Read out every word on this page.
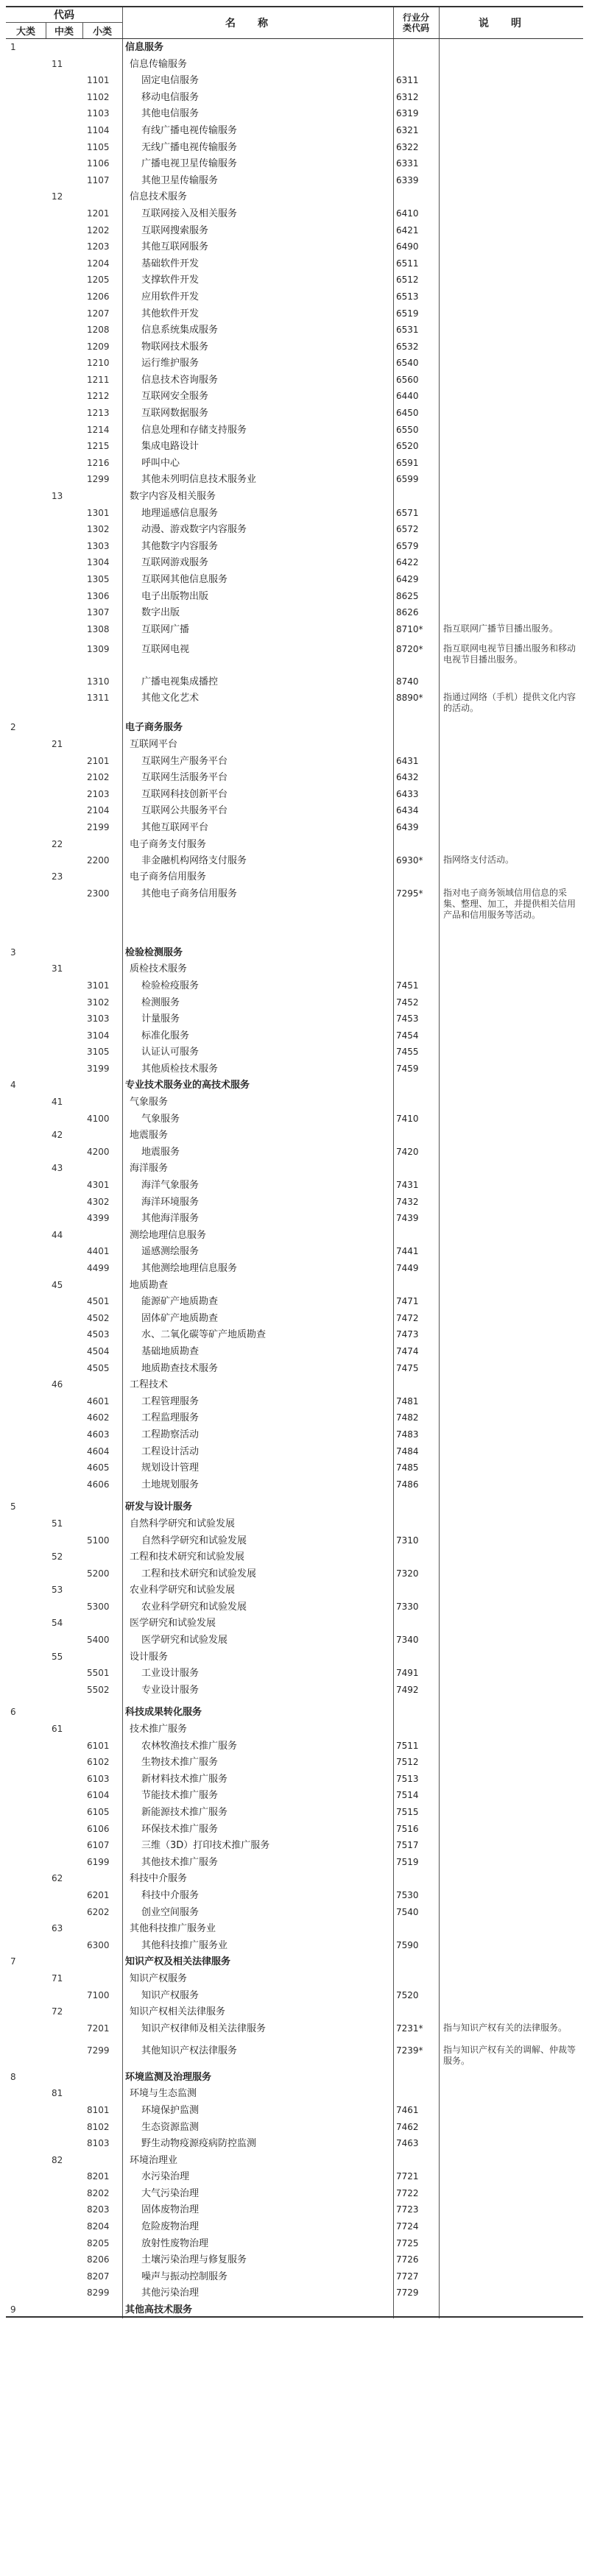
代码
大类	中类	小类
名称	行业分类代码	说明
1	信息服务
11	信息传输服务
1101	固定电信服务	6311
1102	移动电信服务	6312
1103	其他电信服务	6319
1104	有线广播电视传输服务	6321
1105	无线广播电视传输服务	6322
1106	广播电视卫星传输服务	6331
1107	其他卫星传输服务	6339
12	信息技术服务
1201	互联网接入及相关服务	6410
1202	互联网搜索服务	6421
1203	其他互联网服务	6490
1204	基础软件开发	6511
1205	支撑软件开发	6512
1206	应用软件开发	6513
1207	其他软件开发	6519
1208	信息系统集成服务	6531
1209	物联网技术服务	6532
1210	运行维护服务	6540
1211	信息技术咨询服务	6560
1212	互联网安全服务	6440
1213	互联网数据服务	6450
1214	信息处理和存储支持服务	6550
1215	集成电路设计	6520
1216	呼叫中心	6591
1299	其他未列明信息技术服务业	6599
13	数字内容及相关服务
1301	地理遥感信息服务	6571
1302	动漫、游戏数字内容服务	6572
1303	其他数字内容服务	6579
1304	互联网游戏服务	6422
1305	互联网其他信息服务	6429
1306	电子出版物出版	8625
1307	数字出版	8626
1308	互联网广播	8710* 指互联网广播节目播出服务。
1309	互联网电视	8720* 指互联网电视节目播出服务和移动电视节目播出服务。
1310	广播电视集成播控	8740
1311	其他文化艺术	8890* 指通过网络（手机）提供文化内容的活动。
2	电子商务服务
21	互联网平台
2101	互联网生产服务平台	6431
2102	互联网生活服务平台	6432
2103	互联网科技创新平台	6433
2104	互联网公共服务平台	6434
2199	其他互联网平台	6439
22	电子商务支付服务
2200	非金融机构网络支付服务	6930* 指网络支付活动。
23	电子商务信用服务
2300	其他电子商务信用服务	7295* 指对电子商务领域信用信息的采集、整理、加工，并提供相关信用产品和信用服务等活动。
3	检验检测服务
31	质检技术服务
3101	检验检疫服务	7451
3102	检测服务	7452
3103	计量服务	7453
3104	标准化服务	7454
3105	认证认可服务	7455
3199	其他质检技术服务	7459
4	专业技术服务业的高技术服务
41	气象服务
4100	气象服务	7410
42	地震服务
4200	地震服务	7420
43	海洋服务
4301	海洋气象服务	7431
4302	海洋环境服务	7432
4399	其他海洋服务	7439
44	测绘地理信息服务
4401	遥感测绘服务	7441
4499	其他测绘地理信息服务	7449
45	地质勘查
4501	能源矿产地质勘查	7471
4502	固体矿产地质勘查	7472
4503	水、二氧化碳等矿产地质勘查	7473
4504	基础地质勘查	7474
4505	地质勘查技术服务	7475
46	工程技术
4601	工程管理服务	7481
4602	工程监理服务	7482
4603	工程勘察活动	7483
4604	工程设计活动	7484
4605	规划设计管理	7485
4606	土地规划服务	7486
5	研发与设计服务
51	自然科学研究和试验发展
5100	自然科学研究和试验发展	7310
52	工程和技术研究和试验发展
5200	工程和技术研究和试验发展	7320
53	农业科学研究和试验发展
5300	农业科学研究和试验发展	7330
54	医学研究和试验发展
5400	医学研究和试验发展	7340
55	设计服务
5501	工业设计服务	7491
5502	专业设计服务	7492
6	科技成果转化服务
61	技术推广服务
6101	农林牧渔技术推广服务	7511
6102	生物技术推广服务	7512
6103	新材料技术推广服务	7513
6104	节能技术推广服务	7514
6105	新能源技术推广服务	7515
6106	环保技术推广服务	7516
6107	三维（3D）打印技术推广服务	7517
6199	其他技术推广服务	7519
62	科技中介服务
6201	科技中介服务	7530
6202	创业空间服务	7540
63	其他科技推广服务业
6300	其他科技推广服务业	7590
7	知识产权及相关法律服务
71	知识产权服务
7100	知识产权服务	7520
72	知识产权相关法律服务
7201	知识产权律师及相关法律服务	7231* 指与知识产权有关的法律服务。
7299	其他知识产权法律服务	7239* 指与知识产权有关的调解、仲裁等服务。
8	环境监测及治理服务
81	环境与生态监测
8101	环境保护监测	7461
8102	生态资源监测	7462
8103	野生动物疫源疫病防控监测	7463
82	环境治理业
8201	水污染治理	7721
8202	大气污染治理	7722
8203	固体废物治理	7723
8204	危险废物治理	7724
8205	放射性废物治理	7725
8206	土壤污染治理与修复服务	7726
8207	噪声与振动控制服务	7727
8299	其他污染治理	7729
9	其他高技术服务
